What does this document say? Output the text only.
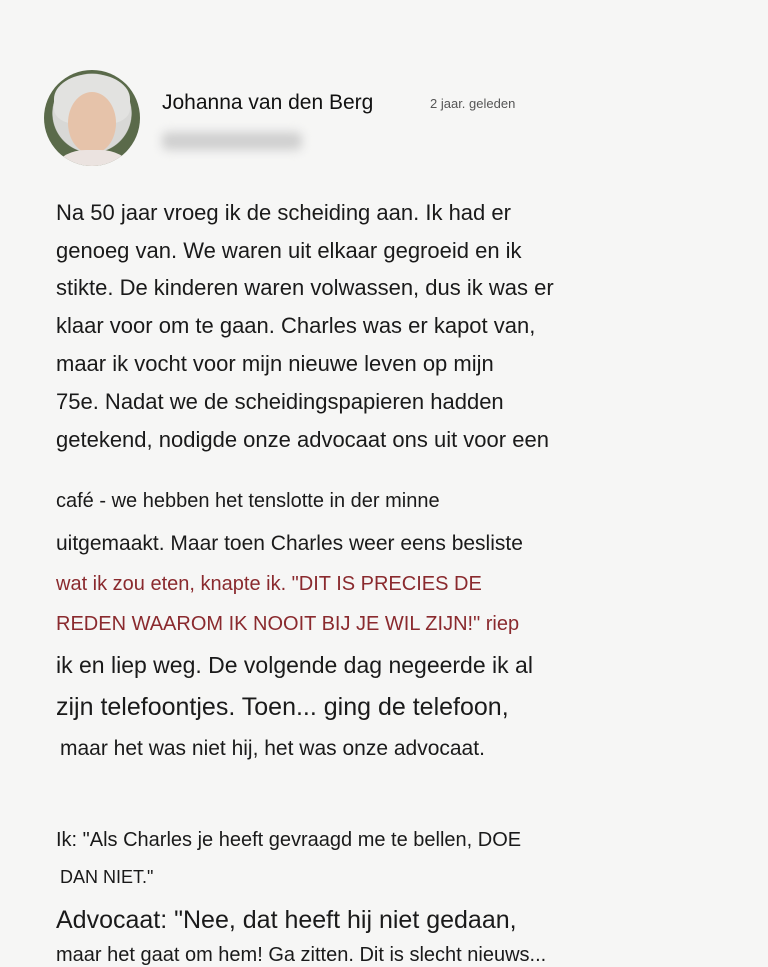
Johanna van den Berg	2 jaar. geleden
Na 50 jaar vroeg ik de scheiding aan. Ik had er
genoeg van. We waren uit elkaar gegroeid en ik
stikte. De kinderen waren volwassen, dus ik was er
klaar voor om te gaan. Charles was er kapot van,
maar ik vocht voor mijn nieuwe leven op mijn
75e. Nadat we de scheidingspapieren hadden
getekend, nodigde onze advocaat ons uit voor een
café - we hebben het tenslotte in der minne
uitgemaakt. Maar toen Charles weer eens besliste
wat ik zou eten, knapte ik. "DIT IS PRECIES DE
REDEN WAAROM IK NOOIT BIJ JE WIL ZIJN!" riep
ik en liep weg. De volgende dag negeerde ik al
zijn telefoontjes. Toen... ging de telefoon,
maar het was niet hij, het was onze advocaat.
Ik: "Als Charles je heeft gevraagd me te bellen, DOE
DAN NIET."
Advocaat: "Nee, dat heeft hij niet gedaan,
maar het gaat om hem! Ga zitten. Dit is slecht nieuws...
